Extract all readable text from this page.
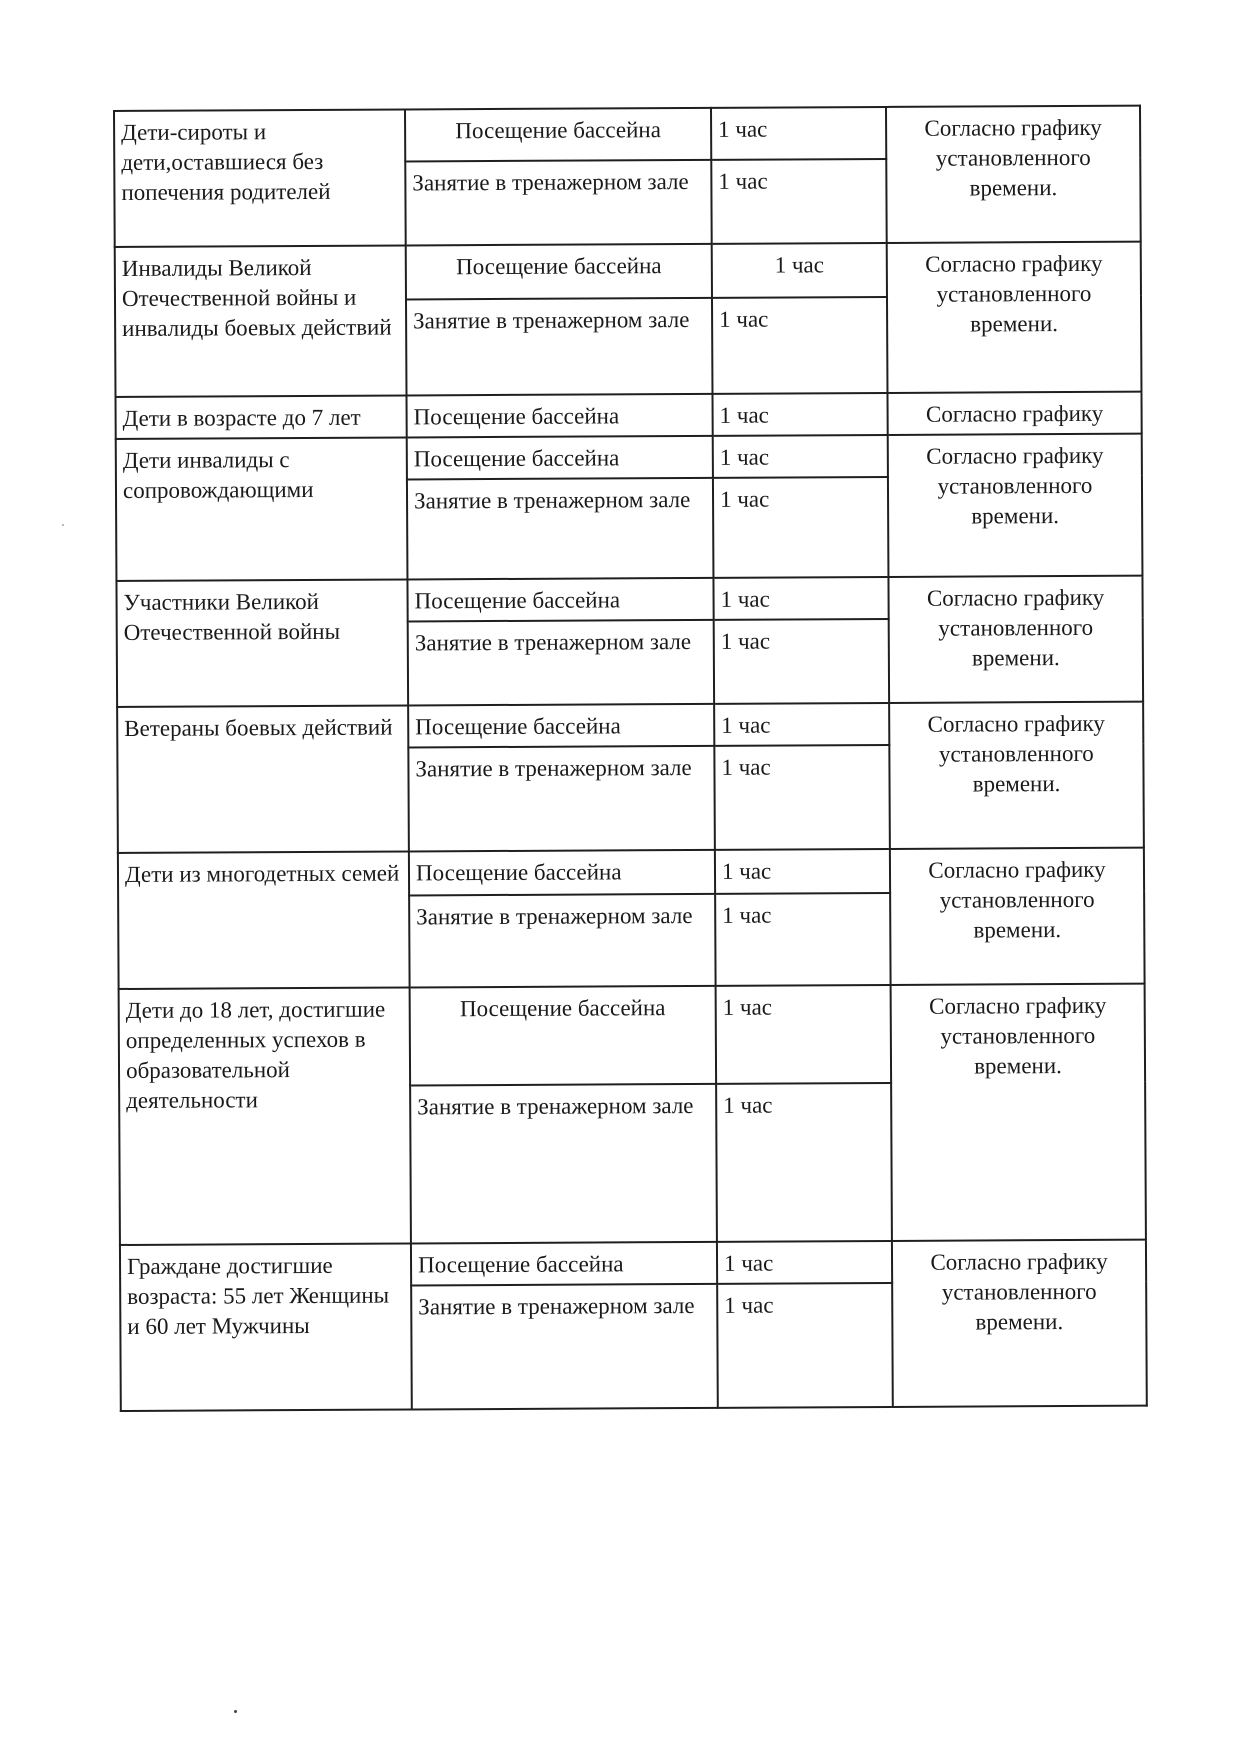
Дети-сироты и дети,оставшиеся без попечения родителей	Посещение бассейна	1 час	Согласно графику установленного времени.
	Занятие в тренажерном зале	1 час	
Инвалиды Великой Отечественной войны и инвалиды боевых действий	Посещение бассейна	1 час	Согласно графику установленного времени.
	Занятие в тренажерном зале	1 час	
Дети в возрасте до 7 лет	Посещение бассейна	1 час	Согласно графику
Дети инвалиды с сопровождающими	Посещение бассейна	1 час	Согласно графику установленного времени.
	Занятие в тренажерном зале	1 час	
Участники Великой Отечественной войны	Посещение бассейна	1 час	Согласно графику установленного времени.
	Занятие в тренажерном зале	1 час	
Ветераны боевых действий	Посещение бассейна	1 час	Согласно графику установленного времени.
	Занятие в тренажерном зале	1 час	
Дети из многодетных семей	Посещение бассейна	1 час	Согласно графику установленного времени.
	Занятие в тренажерном зале	1 час	
Дети до 18 лет, достигшие определенных успехов в образовательной деятельности	Посещение бассейна	1 час	Согласно графику установленного времени.
	Занятие в тренажерном зале	1 час	
Граждане достигшие возраста: 55 лет Женщины и 60 лет Мужчины	Посещение бассейна	1 час	Согласно графику установленного времени.
	Занятие в тренажерном зале	1 час	
